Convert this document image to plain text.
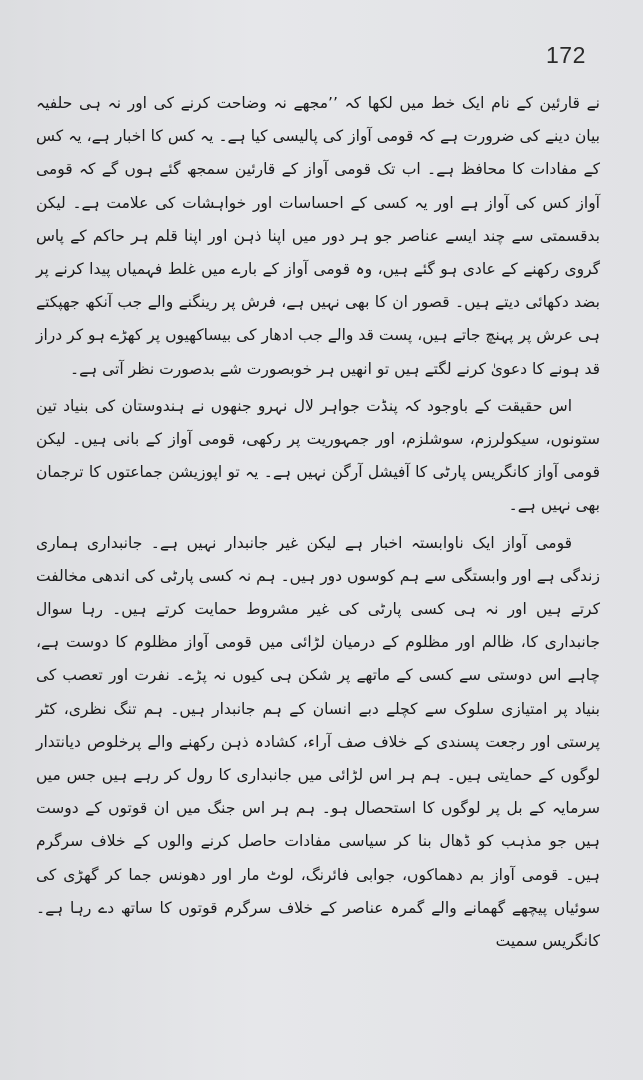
172

نے قارئین کے نام ایک خط میں لکھا کہ ’’مجھے نہ وضاحت کرنے کی اور نہ ہی حلفیہ بیان دینے کی ضرورت ہے کہ قومی آواز کی پالیسی کیا ہے۔ یہ کس کا اخبار ہے، یہ کس کے مفادات کا محافظ ہے۔ اب تک قومی آواز کے قارئین سمجھ گئے ہوں گے کہ قومی آواز کس کی آواز ہے اور یہ کسی کے احساسات اور خواہشات کی علامت ہے۔ لیکن بدقسمتی سے چند ایسے عناصر جو ہر دور میں اپنا ذہن اور اپنا قلم ہر حاکم کے پاس گروی رکھنے کے عادی ہو گئے ہیں، وہ قومی آواز کے بارے میں غلط فہمیاں پیدا کرنے پر بضد دکھائی دیتے ہیں۔ قصور ان کا بھی نہیں ہے، فرش پر رینگنے والے جب آنکھ جھپکتے ہی عرش پر پہنچ جاتے ہیں، پست قد والے جب ادھار کی بیساکھیوں پر کھڑے ہو کر دراز قد ہونے کا دعویٰ کرنے لگتے ہیں تو انھیں ہر خوبصورت شے بدصورت نظر آتی ہے۔

اس حقیقت کے باوجود کہ پنڈت جواہر لال نہرو جنھوں نے ہندوستان کی بنیاد تین ستونوں، سیکولرزم، سوشلزم، اور جمہوریت پر رکھی، قومی آواز کے بانی ہیں۔ لیکن قومی آواز کانگریس پارٹی کا آفیشل آرگن نہیں ہے۔ یہ تو اپوزیشن جماعتوں کا ترجمان بھی نہیں ہے۔

قومی آواز ایک ناوابستہ اخبار ہے لیکن غیر جانبدار نہیں ہے۔ جانبداری ہماری زندگی ہے اور وابستگی سے ہم کوسوں دور ہیں۔ ہم نہ کسی پارٹی کی اندھی مخالفت کرتے ہیں اور نہ ہی کسی پارٹی کی غیر مشروط حمایت کرتے ہیں۔ رہا سوال جانبداری کا، ظالم اور مظلوم کے درمیان لڑائی میں قومی آواز مظلوم کا دوست ہے، چاہے اس دوستی سے کسی کے ماتھے پر شکن ہی کیوں نہ پڑے۔ نفرت اور تعصب کی بنیاد پر امتیازی سلوک سے کچلے دبے انسان کے ہم جانبدار ہیں۔ ہم تنگ نظری، کٹر پرستی اور رجعت پسندی کے خلاف صف آراء، کشادہ ذہن رکھنے والے پرخلوص دیانتدار لوگوں کے حمایتی ہیں۔ ہم ہر اس لڑائی میں جانبداری کا رول کر رہے ہیں جس میں سرمایہ کے بل پر لوگوں کا استحصال ہو۔ ہم ہر اس جنگ میں ان قوتوں کے دوست ہیں جو مذہب کو ڈھال بنا کر سیاسی مفادات حاصل کرنے والوں کے خلاف سرگرم ہیں۔ قومی آواز بم دھماکوں، جوابی فائرنگ، لوٹ مار اور دھونس جما کر گھڑی کی سوئیاں پیچھے گھمانے والے گمرہ عناصر کے خلاف سرگرم قوتوں کا ساتھ دے رہا ہے۔ کانگریس سمیت
